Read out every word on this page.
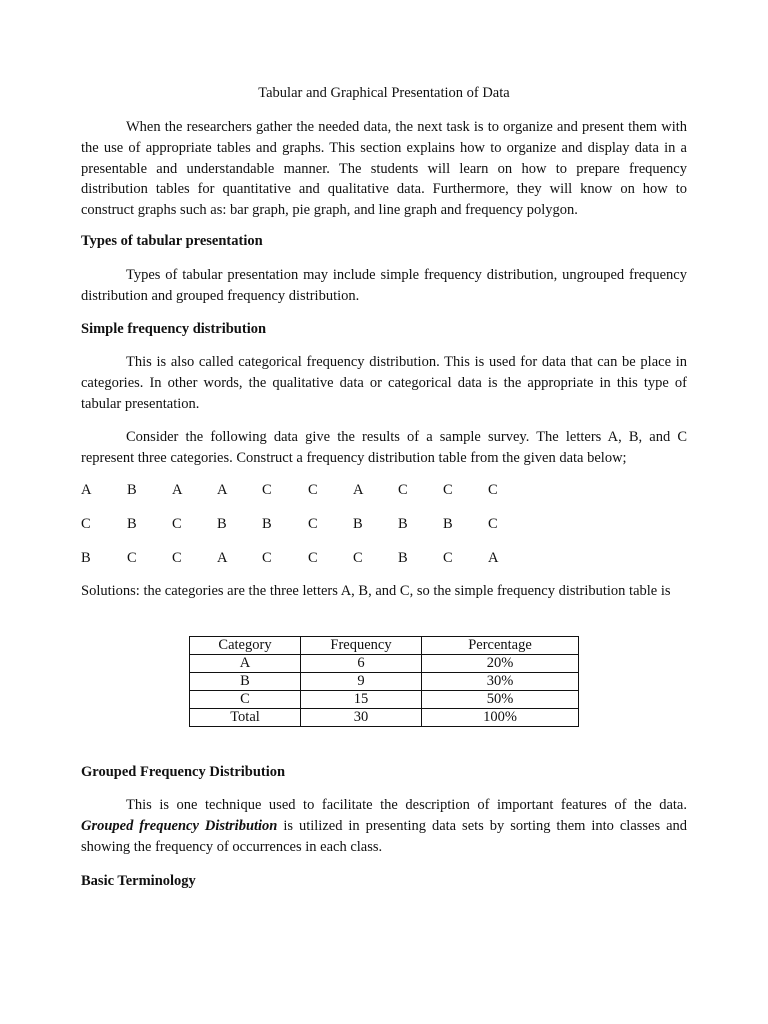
Tabular and Graphical Presentation of Data

When the researchers gather the needed data, the next task is to organize and present them with the use of appropriate tables and graphs. This section explains how to organize and display data in a presentable and understandable manner. The students will learn on how to prepare frequency distribution tables for quantitative and qualitative data. Furthermore, they will know on how to construct graphs such as: bar graph, pie graph, and line graph and frequency polygon.

Types of tabular presentation

Types of tabular presentation may include simple frequency distribution, ungrouped frequency distribution and grouped frequency distribution.

Simple frequency distribution

This is also called categorical frequency distribution. This is used for data that can be place in categories. In other words, the qualitative data or categorical data is the appropriate in this type of tabular presentation.

Consider the following data give the results of a sample survey. The letters A, B, and C represent three categories. Construct a frequency distribution table from the given data below;

A B A A C	C A C C C
C	B C B B	C B B B C
B	C C A C	C C B C A

Solutions: the categories are the three letters A, B, and C, so the simple frequency distribution table is

Category	Frequency	Percentage
A	6	20%
B	9	30%
C	15	50%
Total	30	100%

Grouped Frequency Distribution

This is one technique used to facilitate the description of important features of the data. Grouped frequency Distribution is utilized in presenting data sets by sorting them into classes and showing the frequency of occurrences in each class.

Basic Terminology
